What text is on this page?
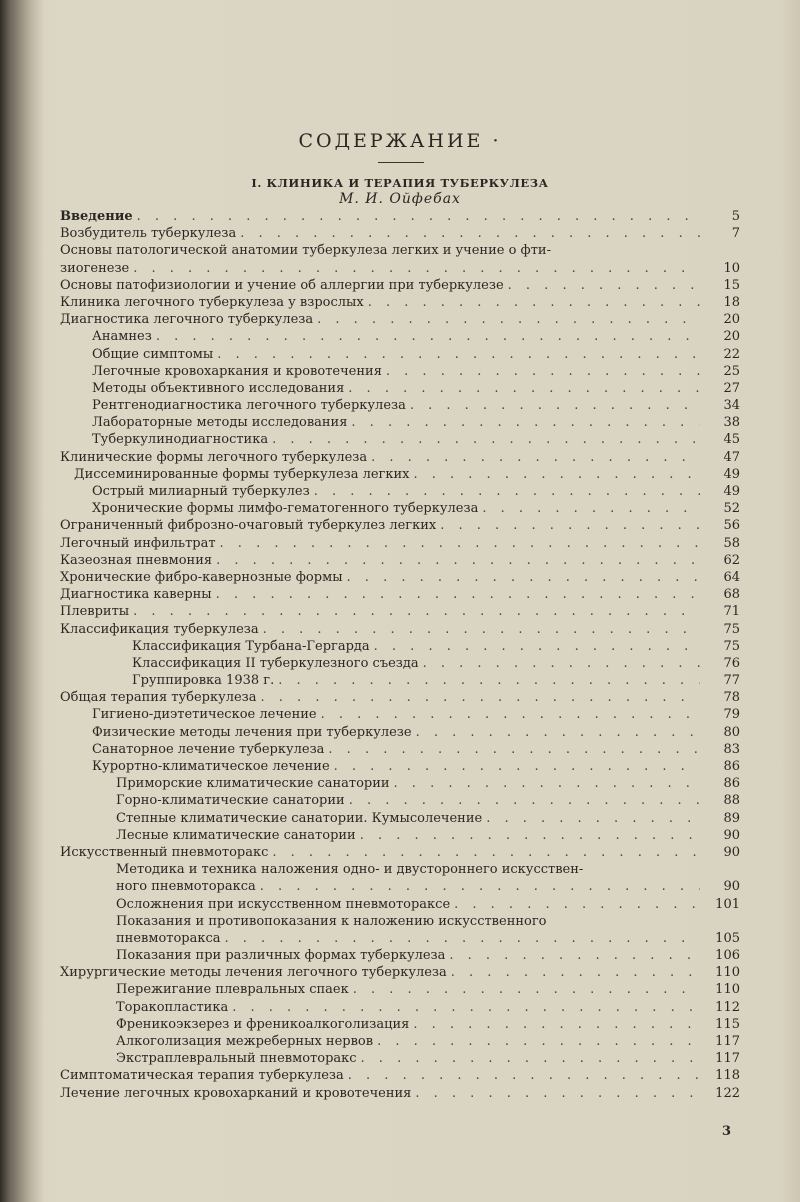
СОДЕРЖАНИЕ ·
I. КЛИНИКА И ТЕРАПИЯ ТУБЕРКУЛЕЗА
М. И. Ойфебах
Введение . . .	5
Возбудитель туберкулеза . . .	7
Основы патологической анатомии туберкулеза легких и учение о фти-
зиогенезе . . .	10
Основы патофизиологии и учение об аллергии при туберкулезе . . .	15
Клиника легочного туберкулеза у взрослых . . .	18
Диагностика легочного туберкулеза . . .	20
Анамнез . . .	20
Общие симптомы . . .	22
Легочные кровохаркания и кровотечения . . .	25
Методы объективного исследования . . .	27
Рентгенодиагностика легочного туберкулеза . . .	34
Лабораторные методы исследования . . .	38
Туберкулинодиагностика . . .	45
Клинические формы легочного туберкулеза . . .	47
Диссеминированные формы туберкулеза легких . . .	49
Острый милиарный туберкулез . . .	49
Хронические формы лимфо-гематогенного туберкулеза . . .	52
Ограниченный фиброзно-очаговый туберкулез легких . . .	56
Легочный инфильтрат . . .	58
Казеозная пневмония . . .	62
Хронические фибро-кавернозные формы . . .	64
Диагностика каверны . . .	68
Плевриты . . .	71
Классификация туберкулеза . . .	75
Классификация Турбана-Гергарда . . .	75
Классификация II туберкулезного съезда . . .	76
Группировка 1938 г. . . .	77
Общая терапия туберкулеза . . .	78
Гигиено-диэтетическое лечение . . .	79
Физические методы лечения при туберкулезе . . .	80
Санаторное лечение туберкулеза . . .	83
Курортно-климатическое лечение . . .	86
Приморские климатические санатории . . .	86
Горно-климатические санатории . . .	88
Степные климатические санатории. Кумысолечение . . .	89
Лесные климатические санатории . . .	90
Искусственный пневмоторакс . . .	90
Методика и техника наложения одно- и двустороннего искусствен-
ного пневмоторакса . . .	90
Осложнения при искусственном пневмотораксе . . .	101
Показания и противопоказания к наложению искусственного
пневмоторакса . . .	105
Показания при различных формах туберкулеза . . .	106
Хирургические методы лечения легочного туберкулеза . . .	110
Пережигание плевральных спаек . . .	110
Торакопластика . . .	112
Френикоэкзерез и френикоалкоголизация . . .	115
Алкоголизация межреберных нервов . . .	117
Экстраплевральный пневмоторакс . . .	117
Симптоматическая терапия туберкулеза . . .	118
Лечение легочных кровохарканий и кровотечения . . .	122
3
